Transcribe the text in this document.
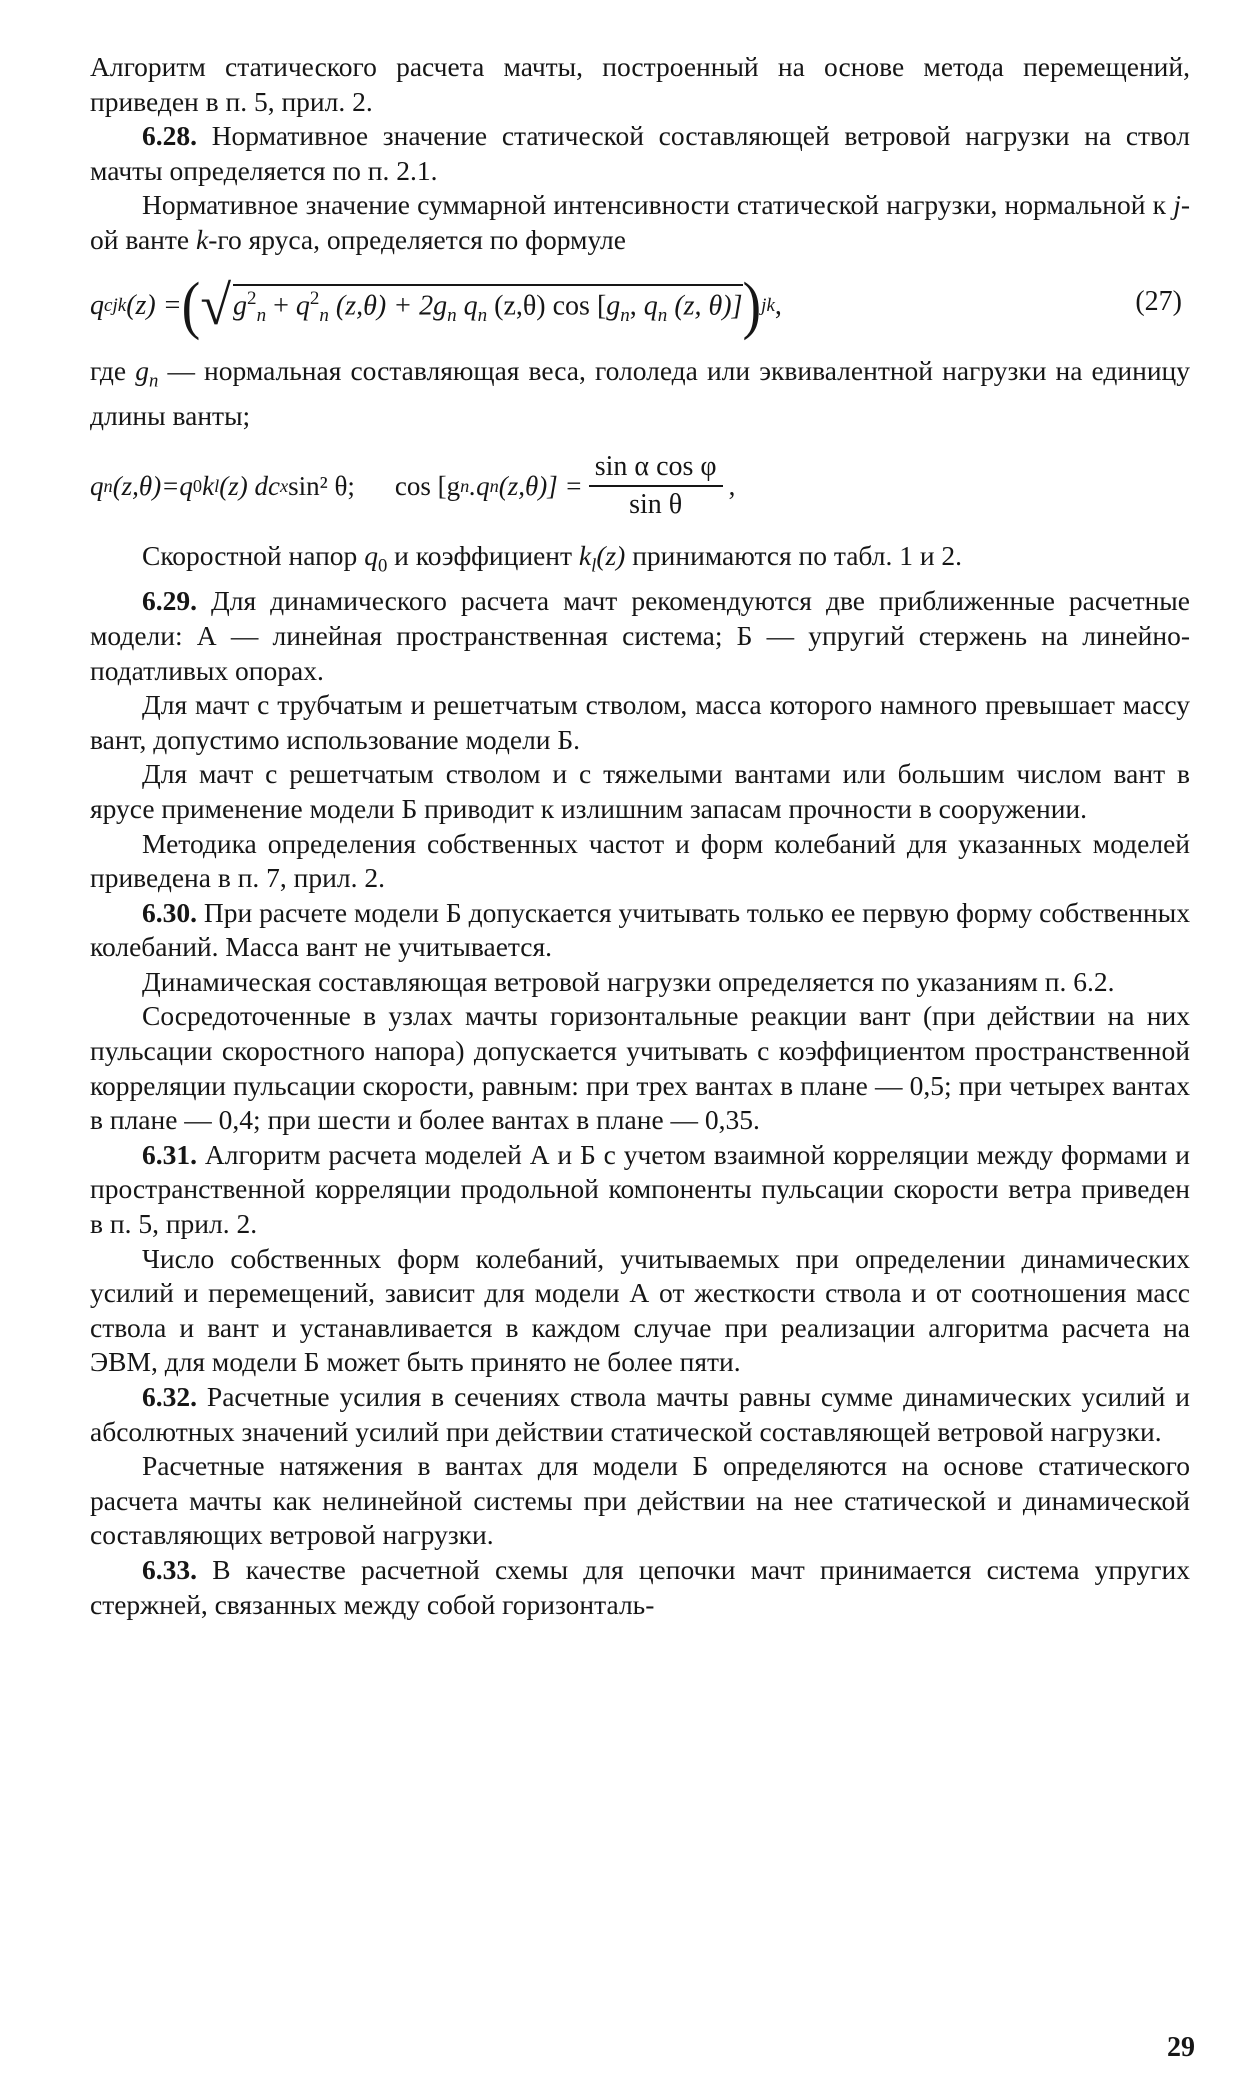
Алгоритм статического расчета мачты, построенный на основе метода перемещений, приведен в п. 5, прил. 2.

6.28. Нормативное значение статической составляющей ветровой нагрузки на ствол мачты определяется по п. 2.1.

Нормативное значение суммарной интенсивности статической нагрузки, нормальной к j-ой ванте k-го яруса, определяется по формуле

q c jk (z) = ( √ $g^2_n + q^2_n$ $(z,\theta) + 2g_n$ $q_n$ (z,θ) $\cos [g_n$, $q_n$ (z, θ)] ) jk ,	(27)

где $g_n$ — нормальная составляющая веса, гололеда или эквивалентной нагрузки на единицу длины ванты;

q n (z,θ)= q 0 k l (z) dc x sin² θ; cos [g n .q n $(z,\theta)] = \frac{\text{sin α cos φ}}{\text{sin θ}}$ ,

Скоростной напор $q_0$ и коэффициент $k_l(z)$ принимаются по табл. 1 и 2.

6.29. Для динамического расчета мачт рекомендуются две приближенные расчетные модели: А — линейная пространственная система; Б — упругий стержень на линейно-податливых опорах.

Для мачт с трубчатым и решетчатым стволом, масса которого намного превышает массу вант, допустимо использование модели Б.

Для мачт с решетчатым стволом и с тяжелыми вантами или большим числом вант в ярусе применение модели Б приводит к излишним запасам прочности в сооружении.

Методика определения собственных частот и форм колебаний для указанных моделей приведена в п. 7, прил. 2.

6.30. При расчете модели Б допускается учитывать только ее первую форму собственных колебаний. Масса вант не учитывается.

Динамическая составляющая ветровой нагрузки определяется по указаниям п. 6.2.

Сосредоточенные в узлах мачты горизонтальные реакции вант (при действии на них пульсации скоростного напора) допускается учитывать с коэффициентом пространственной корреляции пульсации скорости, равным: при трех вантах в плане — 0,5; при четырех вантах в плане — 0,4; при шести и более вантах в плане — 0,35.

6.31. Алгоритм расчета моделей А и Б с учетом взаимной корреляции между формами и пространственной корреляции продольной компоненты пульсации скорости ветра приведен в п. 5, прил. 2.

Число собственных форм колебаний, учитываемых при определении динамических усилий и перемещений, зависит для модели А от жесткости ствола и от соотношения масс ствола и вант и устанавливается в каждом случае при реализации алгоритма расчета на ЭВМ, для модели Б может быть принято не более пяти.

6.32. Расчетные усилия в сечениях ствола мачты равны сумме динамических усилий и абсолютных значений усилий при действии статической составляющей ветровой нагрузки.

Расчетные натяжения в вантах для модели Б определяются на основе статического расчета мачты как нелинейной системы при действии на нее статической и динамической составляющих ветровой нагрузки.

6.33. В качестве расчетной схемы для цепочки мачт принимается система упругих стержней, связанных между собой горизонталь-

29
